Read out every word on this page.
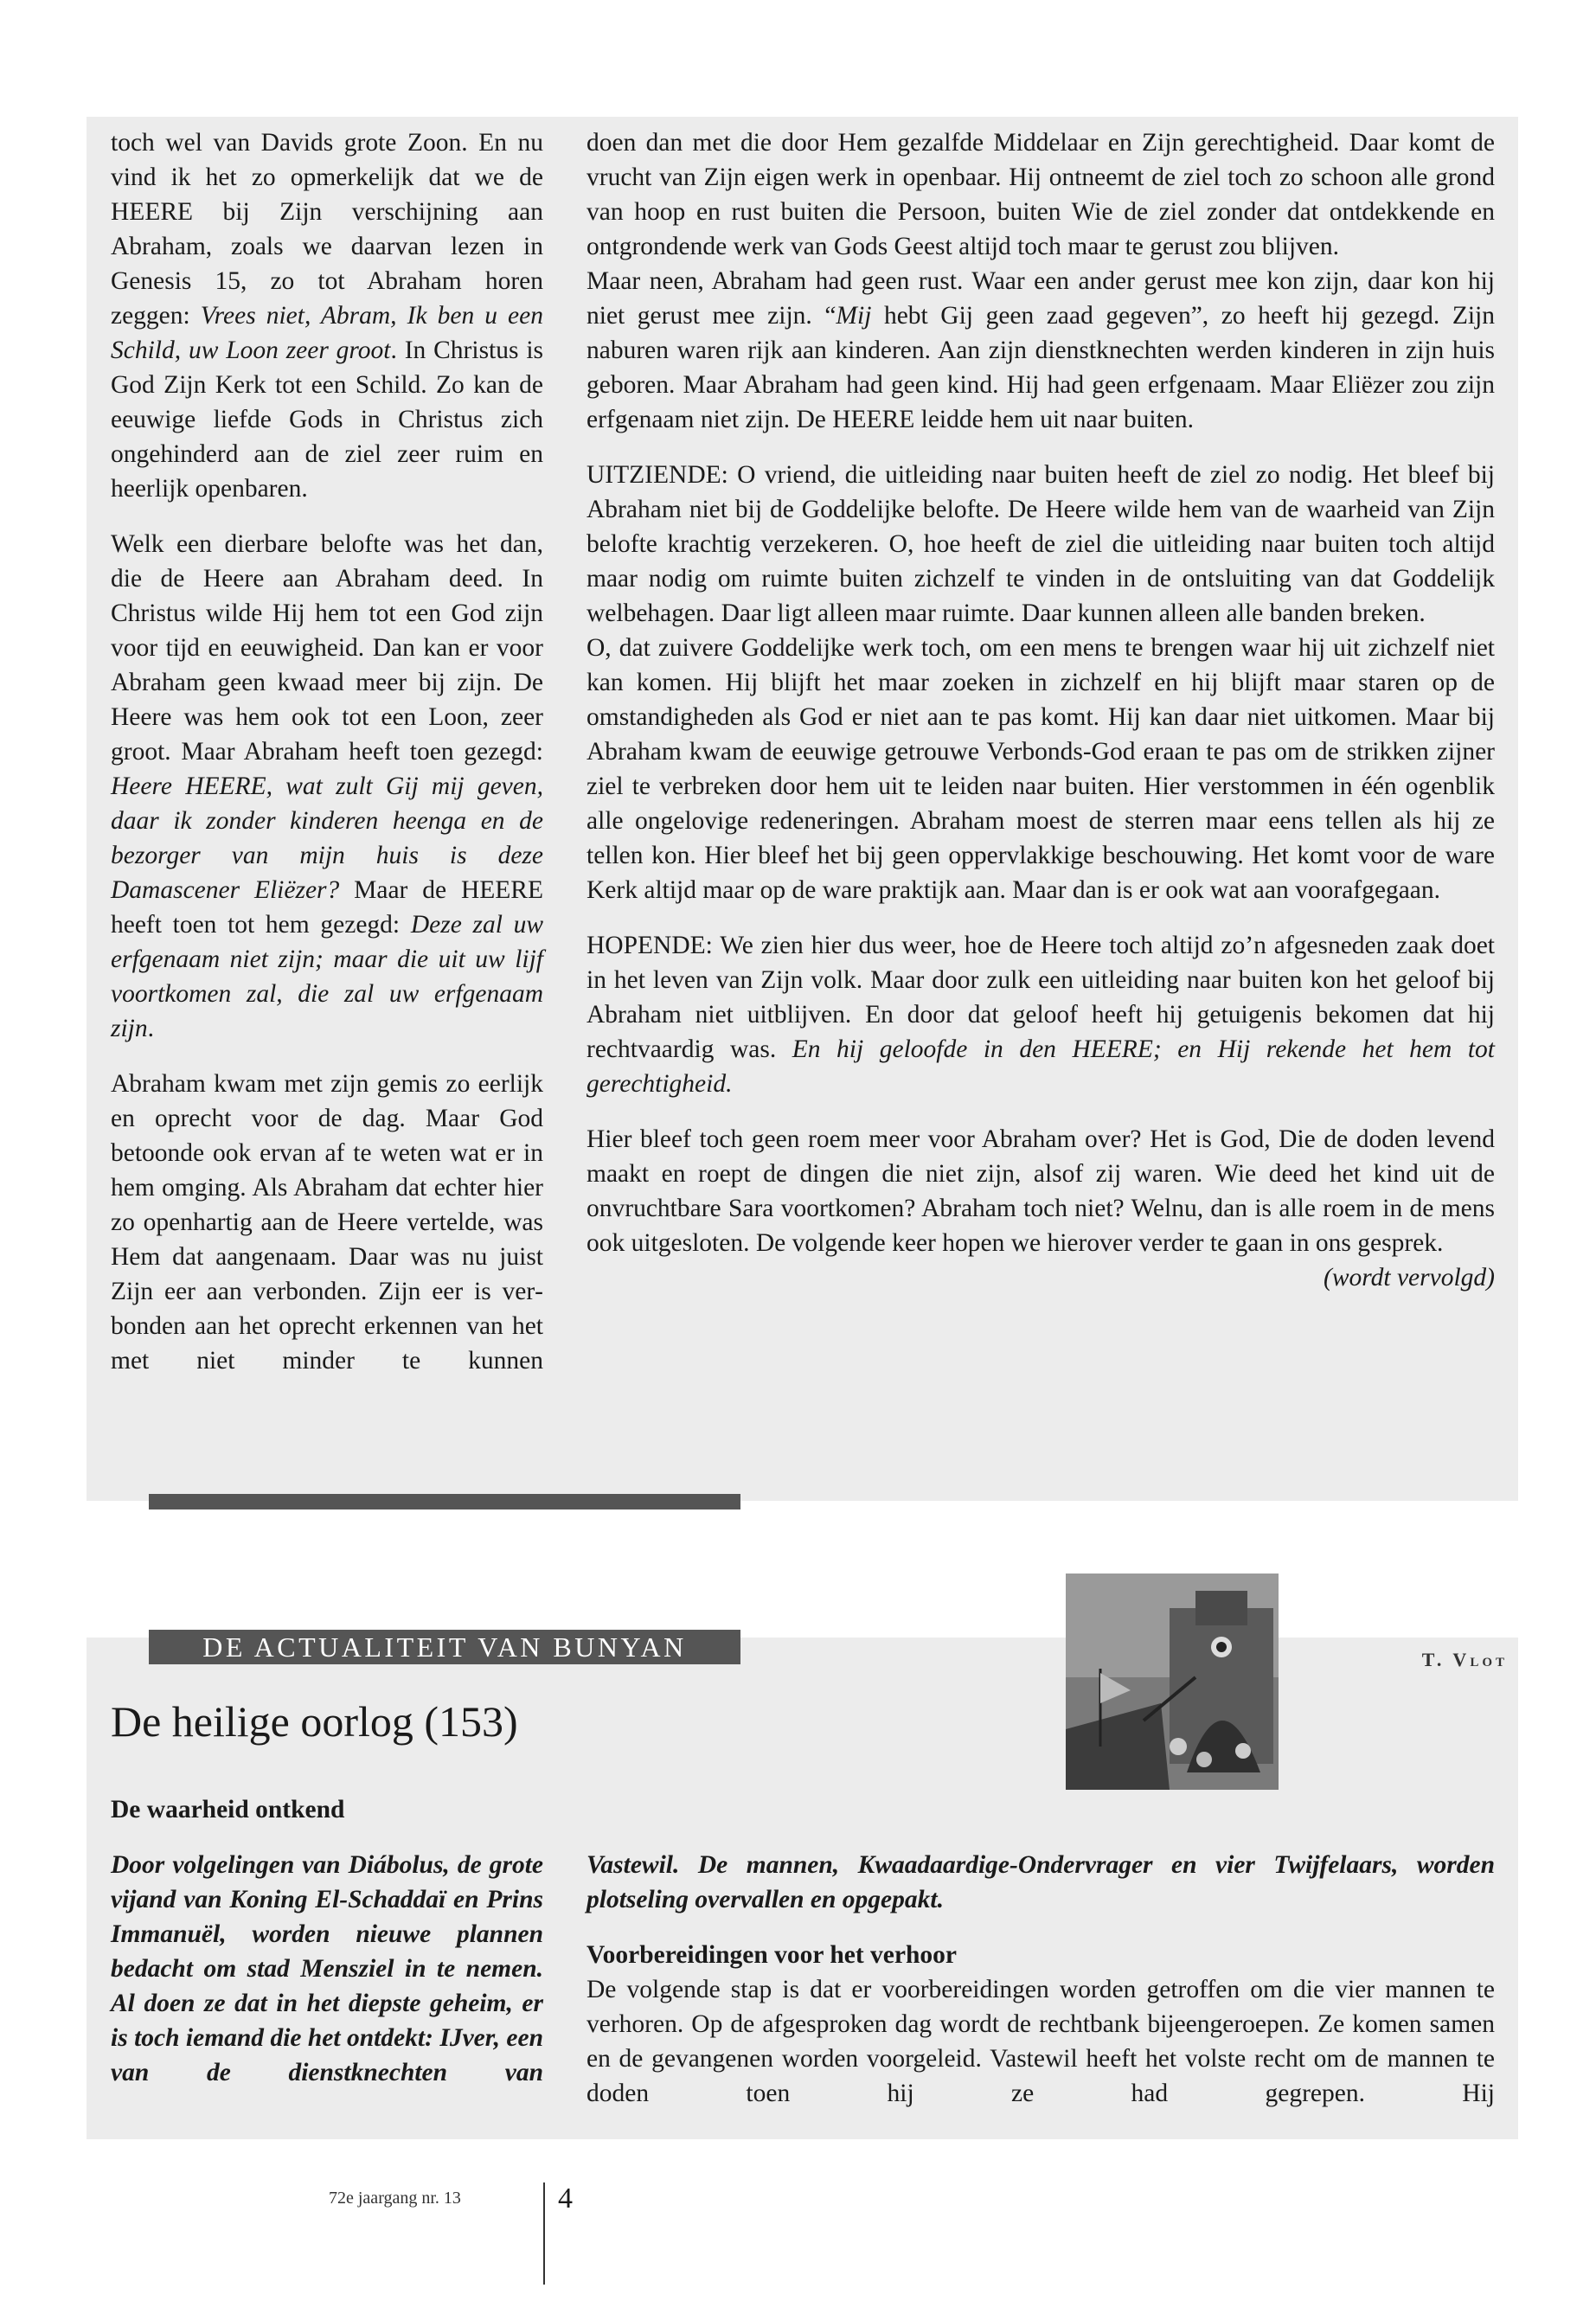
toch wel van Davids grote Zoon. En nu vind ik het zo opmerkelijk dat we de HEERE bij Zijn verschijning aan Abraham, zoals we daarvan lezen in Genesis 15, zo tot Abraham horen zeggen: Vrees niet, Abram, Ik ben u een Schild, uw Loon zeer groot. In Christus is God Zijn Kerk tot een Schild. Zo kan de eeuwige liefde Gods in Christus zich ongehinderd aan de ziel zeer ruim en heerlijk openbaren.

Welk een dierbare belofte was het dan, die de Heere aan Abraham deed. In Christus wilde Hij hem tot een God zijn voor tijd en eeuwigheid. Dan kan er voor Abraham geen kwaad meer bij zijn. De Heere was hem ook tot een Loon, zeer groot. Maar Abraham heeft toen gezegd: Heere HEERE, wat zult Gij mij geven, daar ik zonder kinderen heenga en de bezorger van mijn huis is deze Damascener Eliëzer? Maar de HEERE heeft toen tot hem gezegd: Deze zal uw erfgenaam niet zijn; maar die uit uw lijf voortkomen zal, die zal uw erfgenaam zijn.

Abraham kwam met zijn gemis zo eerlijk en oprecht voor de dag. Maar God betoonde ook ervan af te weten wat er in hem omging. Als Abraham dat echter hier zo openhartig aan de Heere vertelde, was Hem dat aangenaam. Daar was nu juist Zijn eer aan verbonden. Zijn eer is verbonden aan het oprecht erkennen van het met niet minder te kunnen

doen dan met die door Hem gezalfde Middelaar en Zijn gerechtigheid. Daar komt de vrucht van Zijn eigen werk in openbaar. Hij ontneemt de ziel toch zo schoon alle grond van hoop en rust buiten die Persoon, buiten Wie de ziel zonder dat ontdekkende en ontgrondende werk van Gods Geest altijd toch maar te gerust zou blijven.

Maar neen, Abraham had geen rust. Waar een ander gerust mee kon zijn, daar kon hij niet gerust mee zijn. “Mij hebt Gij geen zaad gegeven”, zo heeft hij gezegd. Zijn naburen waren rijk aan kinderen. Aan zijn dienstknechten werden kinderen in zijn huis geboren. Maar Abraham had geen kind. Hij had geen erfgenaam. Maar Eliëzer zou zijn erfgenaam niet zijn. De HEERE leidde hem uit naar buiten.

UITZIENDE: O vriend, die uitleiding naar buiten heeft de ziel zo nodig. Het bleef bij Abraham niet bij de Goddelijke belofte. De Heere wilde hem van de waarheid van Zijn belofte krachtig verzekeren. O, hoe heeft de ziel die uitleiding naar buiten toch altijd maar nodig om ruimte buiten zichzelf te vinden in de ontsluiting van dat Goddelijk welbehagen. Daar ligt alleen maar ruimte. Daar kunnen alleen alle banden breken.

O, dat zuivere Goddelijke werk toch, om een mens te brengen waar hij uit zichzelf niet kan komen. Hij blijft het maar zoeken in zichzelf en hij blijft maar staren op de omstandigheden als God er niet aan te pas komt. Hij kan daar niet uitkomen. Maar bij Abraham kwam de eeuwige getrouwe Verbonds-God eraan te pas om de strikken zijner ziel te verbreken door hem uit te leiden naar buiten. Hier verstommen in één ogenblik alle ongelovige redeneringen. Abraham moest de sterren maar eens tellen als hij ze tellen kon. Hier bleef het bij geen oppervlakkige beschouwing. Het komt voor de ware Kerk altijd maar op de ware praktijk aan. Maar dan is er ook wat aan voorafgegaan.

HOPENDE: We zien hier dus weer, hoe de Heere toch altijd zo’n afgesneden zaak doet in het leven van Zijn volk. Maar door zulk een uitleiding naar buiten kon het geloof bij Abraham niet uitblijven. En door dat geloof heeft hij getuigenis bekomen dat hij rechtvaardig was. En hij geloofde in den HEERE; en Hij rekende het hem tot gerechtigheid.

Hier bleef toch geen roem meer voor Abraham over? Het is God, Die de doden levend maakt en roept de dingen die niet zijn, alsof zij waren. Wie deed het kind uit de onvruchtbare Sara voortkomen? Abraham toch niet? Welnu, dan is alle roem in de mens ook uitgesloten. De volgende keer hopen we hierover verder te gaan in ons gesprek.
(wordt vervolgd)

DE ACTUALITEIT VAN BUNYAN	T. Vlot
De heilige oorlog (153)

De waarheid ontkend

Door volgelingen van Diábolus, de grote vijand van Koning El-Schaddaï en Prins Immanuël, worden nieuwe plannen bedacht om stad Mensziel in te nemen. Al doen ze dat in het diepste geheim, er is toch iemand die het ontdekt: IJver, een van de dienstknechten van

Vastewil. De mannen, Kwaadaardige-Ondervrager en vier Twijfelaars, worden plotseling overvallen en opgepakt.

Voorbereidingen voor het verhoor

De volgende stap is dat er voorbereidingen worden getroffen om die vier mannen te verhoren. Op de afgesproken dag wordt de rechtbank bijeengeroepen. Ze komen samen en de gevangenen worden voorgeleid. Vastewil heeft het volste recht om de mannen te doden toen hij ze had gegrepen. Hij

72e jaargang nr. 13	4
